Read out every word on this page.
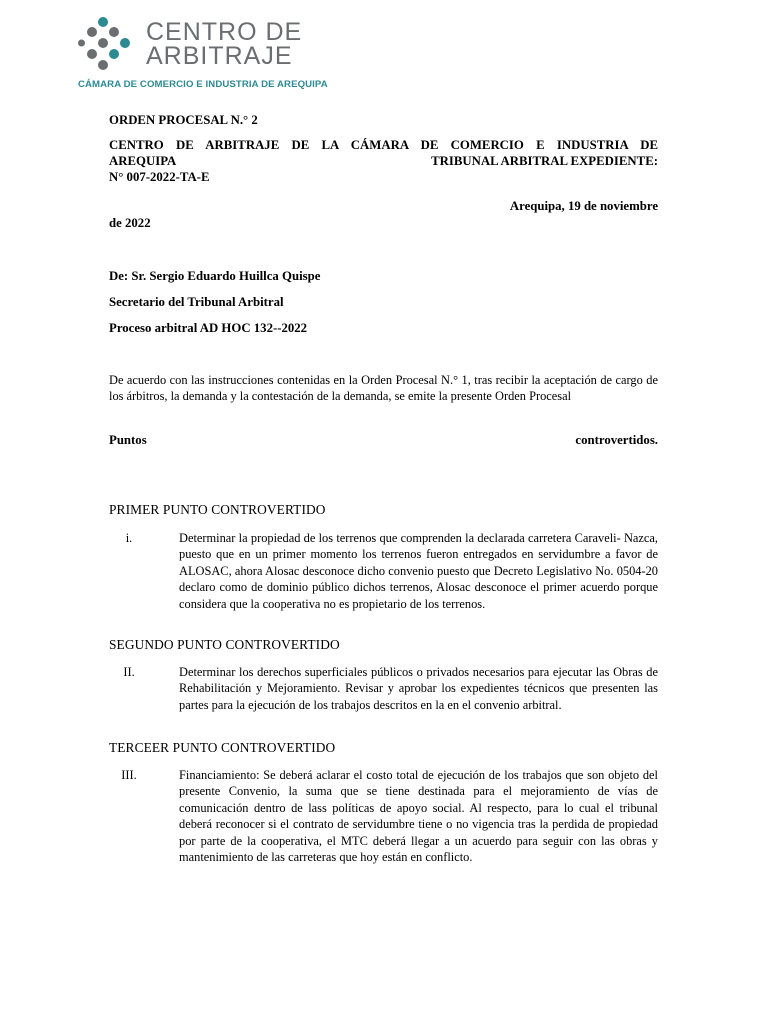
CENTRO DE
ARBITRAJE
CÁMARA DE COMERCIO E INDUSTRIA DE AREQUIPA
ORDEN PROCESAL N.° 2
CENTRO DE ARBITRAJE DE LA CÁMARA DE COMERCIO E INDUSTRIA DE
AREQUIPA	TRIBUNAL ARBITRAL EXPEDIENTE:
N° 007-2022-TA-E
Arequipa, 19 de noviembre
de 2022
De: Sr. Sergio Eduardo Huillca Quispe
Secretario del Tribunal Arbitral
Proceso arbitral AD HOC 132--2022
De acuerdo con las instrucciones contenidas en la Orden Procesal N.° 1, tras recibir la aceptación de cargo de los árbitros, la demanda y la contestación de la demanda, se emite la presente Orden Procesal
Puntos	controvertidos.
PRIMER PUNTO CONTROVERTIDO
i.	Determinar la propiedad de los terrenos que comprenden la declarada carretera Caraveli- Nazca, puesto que en un primer momento los terrenos fueron entregados en servidumbre a favor de ALOSAC, ahora Alosac desconoce dicho convenio puesto que Decreto Legislativo No. 0504-20 declaro como de dominio público dichos terrenos, Alosac desconoce el primer acuerdo porque considera que la cooperativa no es propietario de los terrenos.
SEGUNDO PUNTO CONTROVERTIDO
II.	Determinar los derechos superficiales públicos o privados necesarios para ejecutar las Obras de Rehabilitación y Mejoramiento. Revisar y aprobar los expedientes técnicos que presenten las partes para la ejecución de los trabajos descritos en la en el convenio arbitral.
TERCEER PUNTO CONTROVERTIDO
III.	Financiamiento: Se deberá aclarar el costo total de ejecución de los trabajos que son objeto del presente Convenio, la suma que se tiene destinada para el mejoramiento de vías de comunicación dentro de lass políticas de apoyo social. Al respecto, para lo cual el tribunal deberá reconocer si el contrato de servidumbre tiene o no vigencia tras la perdida de propiedad por parte de la cooperativa, el MTC deberá llegar a un acuerdo para seguir con las obras y mantenimiento de las carreteras que hoy están en conflicto.
